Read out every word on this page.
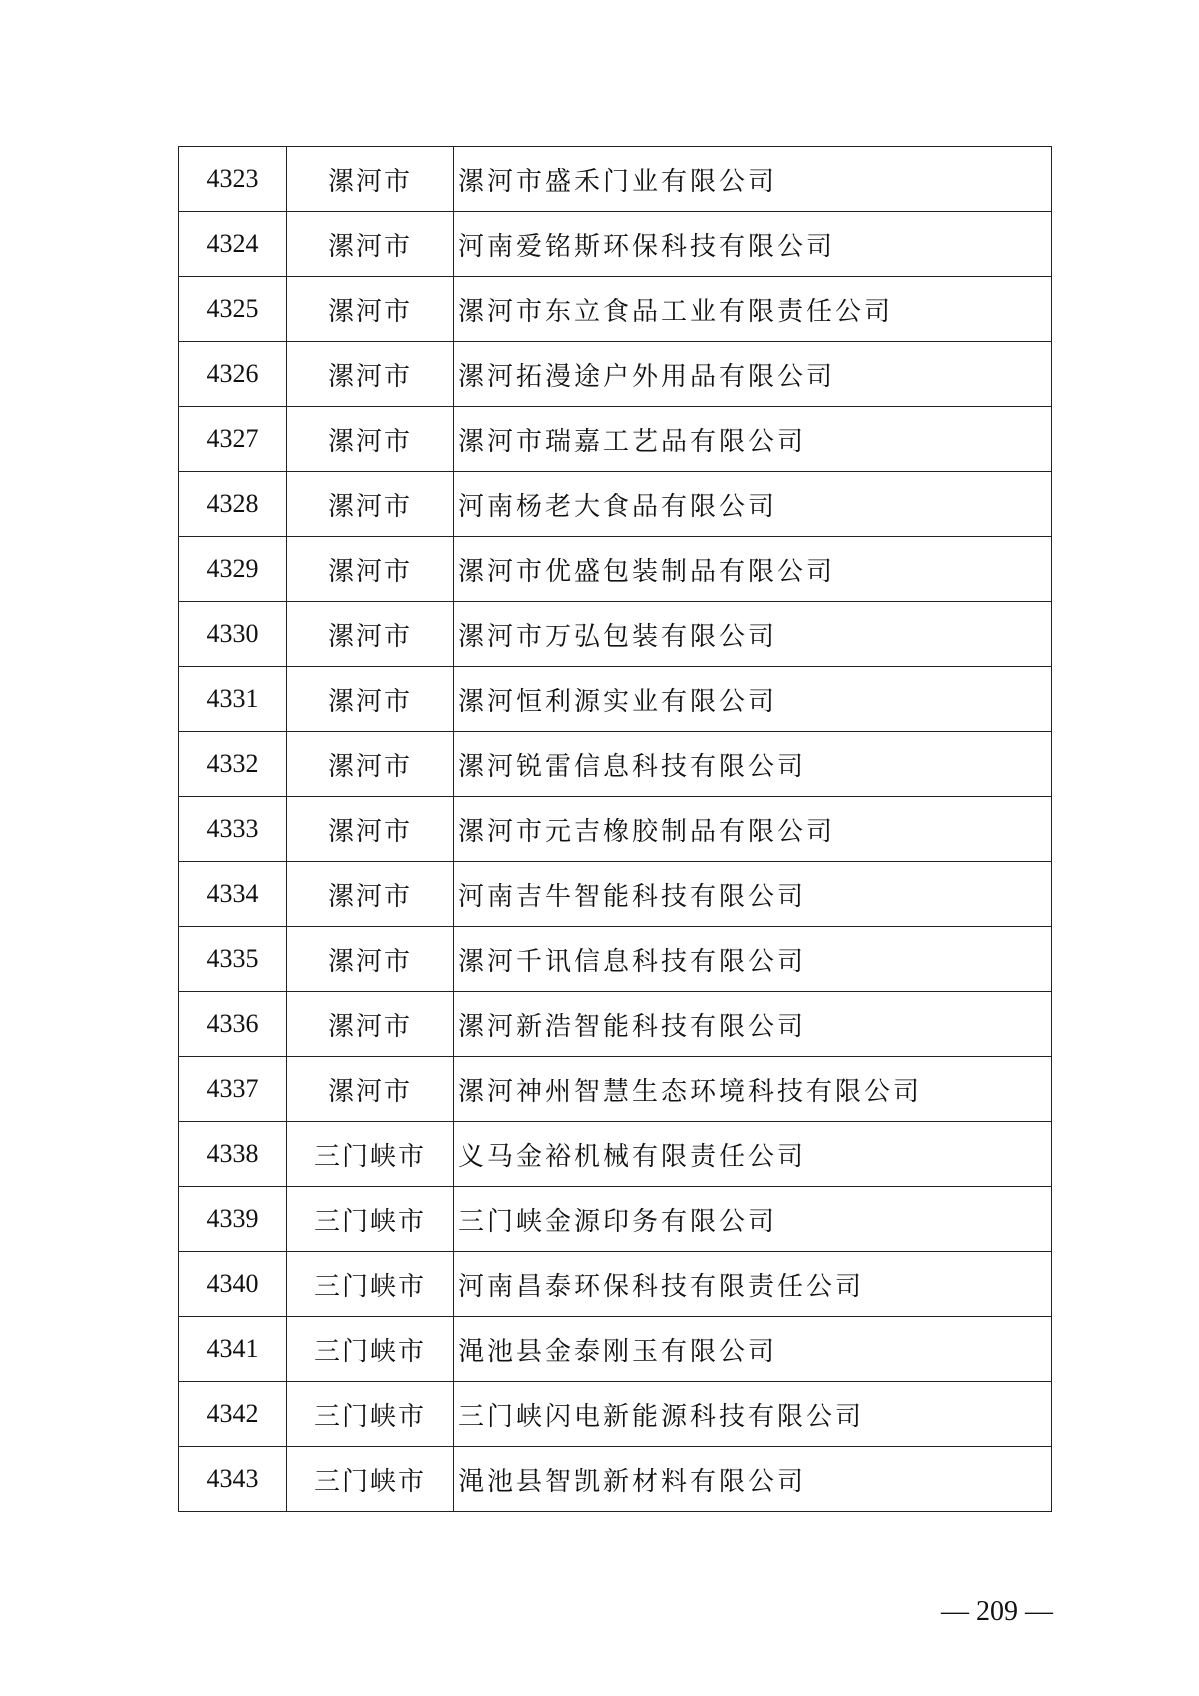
4323	漯河市	漯河市盛禾门业有限公司
4324	漯河市	河南爱铭斯环保科技有限公司
4325	漯河市	漯河市东立食品工业有限责任公司
4326	漯河市	漯河拓漫途户外用品有限公司
4327	漯河市	漯河市瑞嘉工艺品有限公司
4328	漯河市	河南杨老大食品有限公司
4329	漯河市	漯河市优盛包装制品有限公司
4330	漯河市	漯河市万弘包装有限公司
4331	漯河市	漯河恒利源实业有限公司
4332	漯河市	漯河锐雷信息科技有限公司
4333	漯河市	漯河市元吉橡胶制品有限公司
4334	漯河市	河南吉牛智能科技有限公司
4335	漯河市	漯河千讯信息科技有限公司
4336	漯河市	漯河新浩智能科技有限公司
4337	漯河市	漯河神州智慧生态环境科技有限公司
4338	三门峡市	义马金裕机械有限责任公司
4339	三门峡市	三门峡金源印务有限公司
4340	三门峡市	河南昌泰环保科技有限责任公司
4341	三门峡市	渑池县金泰刚玉有限公司
4342	三门峡市	三门峡闪电新能源科技有限公司
4343	三门峡市	渑池县智凯新材料有限公司
— 209 —
